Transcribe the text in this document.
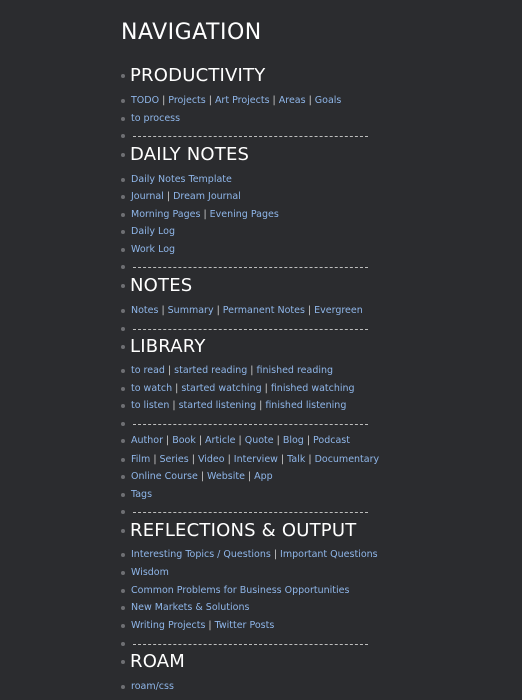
NAVIGATION
PRODUCTIVITY
TODO | Projects | Art Projects | Areas | Goals
to process
DAILY NOTES
Daily Notes Template
Journal | Dream Journal
Morning Pages | Evening Pages
Daily Log
Work Log
NOTES
Notes | Summary | Permanent Notes | Evergreen
LIBRARY
to read | started reading | finished reading
to watch | started watching | finished watching
to listen | started listening | finished listening
Author | Book | Article | Quote | Blog | Podcast
Film | Series | Video | Interview | Talk | Documentary
Online Course | Website | App
Tags
REFLECTIONS & OUTPUT
Interesting Topics / Questions | Important Questions
Wisdom
Common Problems for Business Opportunities
New Markets & Solutions
Writing Projects | Twitter Posts
ROAM
roam/css
